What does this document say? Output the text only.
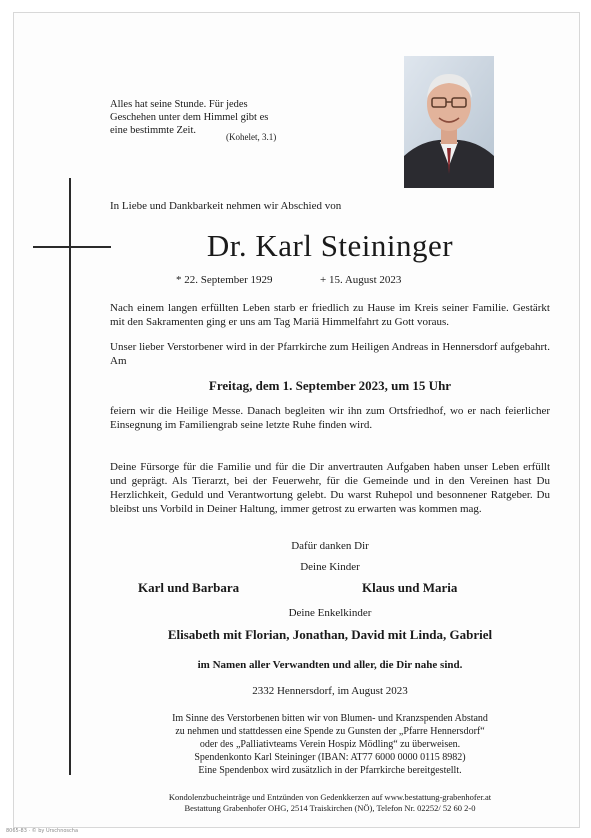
Alles hat seine Stunde. Für jedes
Geschehen unter dem Himmel gibt es
eine bestimmte Zeit.
(Kohelet, 3.1)
In Liebe und Dankbarkeit nehmen wir Abschied von
Dr. Karl Steininger
* 22. September 1929	+ 15. August 2023
Nach einem langen erfüllten Leben starb er friedlich zu Hause im Kreis seiner Familie. Gestärkt mit den Sakramenten ging er uns am Tag Mariä Himmelfahrt zu Gott voraus.
Unser lieber Verstorbener wird in der Pfarrkirche zum Heiligen Andreas in Hennersdorf aufgebahrt. Am
Freitag, dem 1. September 2023, um 15 Uhr
feiern wir die Heilige Messe. Danach begleiten wir ihn zum Ortsfriedhof, wo er nach feierlicher Einsegnung im Familiengrab seine letzte Ruhe finden wird.
Deine Fürsorge für die Familie und für die Dir anvertrauten Aufgaben haben unser Leben erfüllt und geprägt. Als Tierarzt, bei der Feuerwehr, für die Gemeinde und in den Vereinen hast Du Herzlichkeit, Geduld und Verantwortung gelebt. Du warst Ruhepol und besonnener Ratgeber. Du bleibst uns Vorbild in Deiner Haltung, immer getrost zu erwarten was kommen mag.
Dafür danken Dir
Deine Kinder
Karl und Barbara	Klaus und Maria
Deine Enkelkinder
Elisabeth mit Florian, Jonathan, David mit Linda, Gabriel
im Namen aller Verwandten und aller, die Dir nahe sind.
2332 Hennersdorf, im August 2023
Im Sinne des Verstorbenen bitten wir von Blumen- und Kranzspenden Abstand
zu nehmen und stattdessen eine Spende zu Gunsten der „Pfarre Hennersdorf“
oder des „Palliativteams Verein Hospiz Mödling“ zu überweisen.
Spendenkonto Karl Steininger (IBAN: AT77 6000 0000 0115 8982)
Eine Spendenbox wird zusätzlich in der Pfarrkirche bereitgestellt.
Kondolenzbucheinträge und Entzünden von Gedenkkerzen auf www.bestattung-grabenhofer.at
Bestattung Grabenhofer OHG, 2514 Traiskirchen (NÖ), Telefon Nr. 02252/ 52 60 2-0
8065-83 · © by Urschnoscha
